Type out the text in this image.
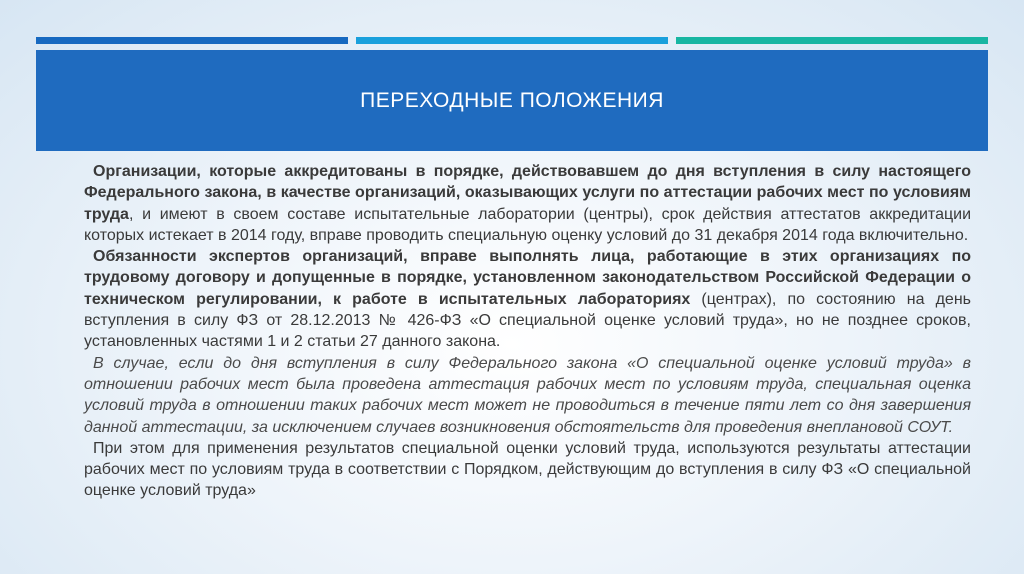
ПЕРЕХОДНЫЕ ПОЛОЖЕНИЯ

Организации, которые аккредитованы в порядке, действовавшем до дня вступления в силу настоящего Федерального закона, в качестве организаций, оказывающих услуги по аттестации рабочих мест по условиям труда, и имеют в своем составе испытательные лаборатории (центры), срок действия аттестатов аккредитации которых истекает в 2014 году, вправе проводить специальную оценку условий до 31 декабря 2014 года включительно.

Обязанности экспертов организаций, вправе выполнять лица, работающие в этих организациях по трудовому договору и допущенные в порядке, установленном законодательством Российской Федерации о техническом регулировании, к работе в испытательных лабораториях (центрах), по состоянию на день вступления в силу ФЗ от 28.12.2013 № 426-ФЗ «О специальной оценке условий труда», но не позднее сроков, установленных частями 1 и 2 статьи 27 данного закона.

В случае, если до дня вступления в силу Федерального закона «О специальной оценке условий труда» в отношении рабочих мест была проведена аттестация рабочих мест по условиям труда, специальная оценка условий труда в отношении таких рабочих мест может не проводиться в течение пяти лет со дня завершения данной аттестации, за исключением случаев возникновения обстоятельств для проведения внеплановой СОУТ.

При этом для применения результатов специальной оценки условий труда, используются результаты аттестации рабочих мест по условиям труда в соответствии с Порядком, действующим до вступления в силу ФЗ «О специальной оценке условий труда»
